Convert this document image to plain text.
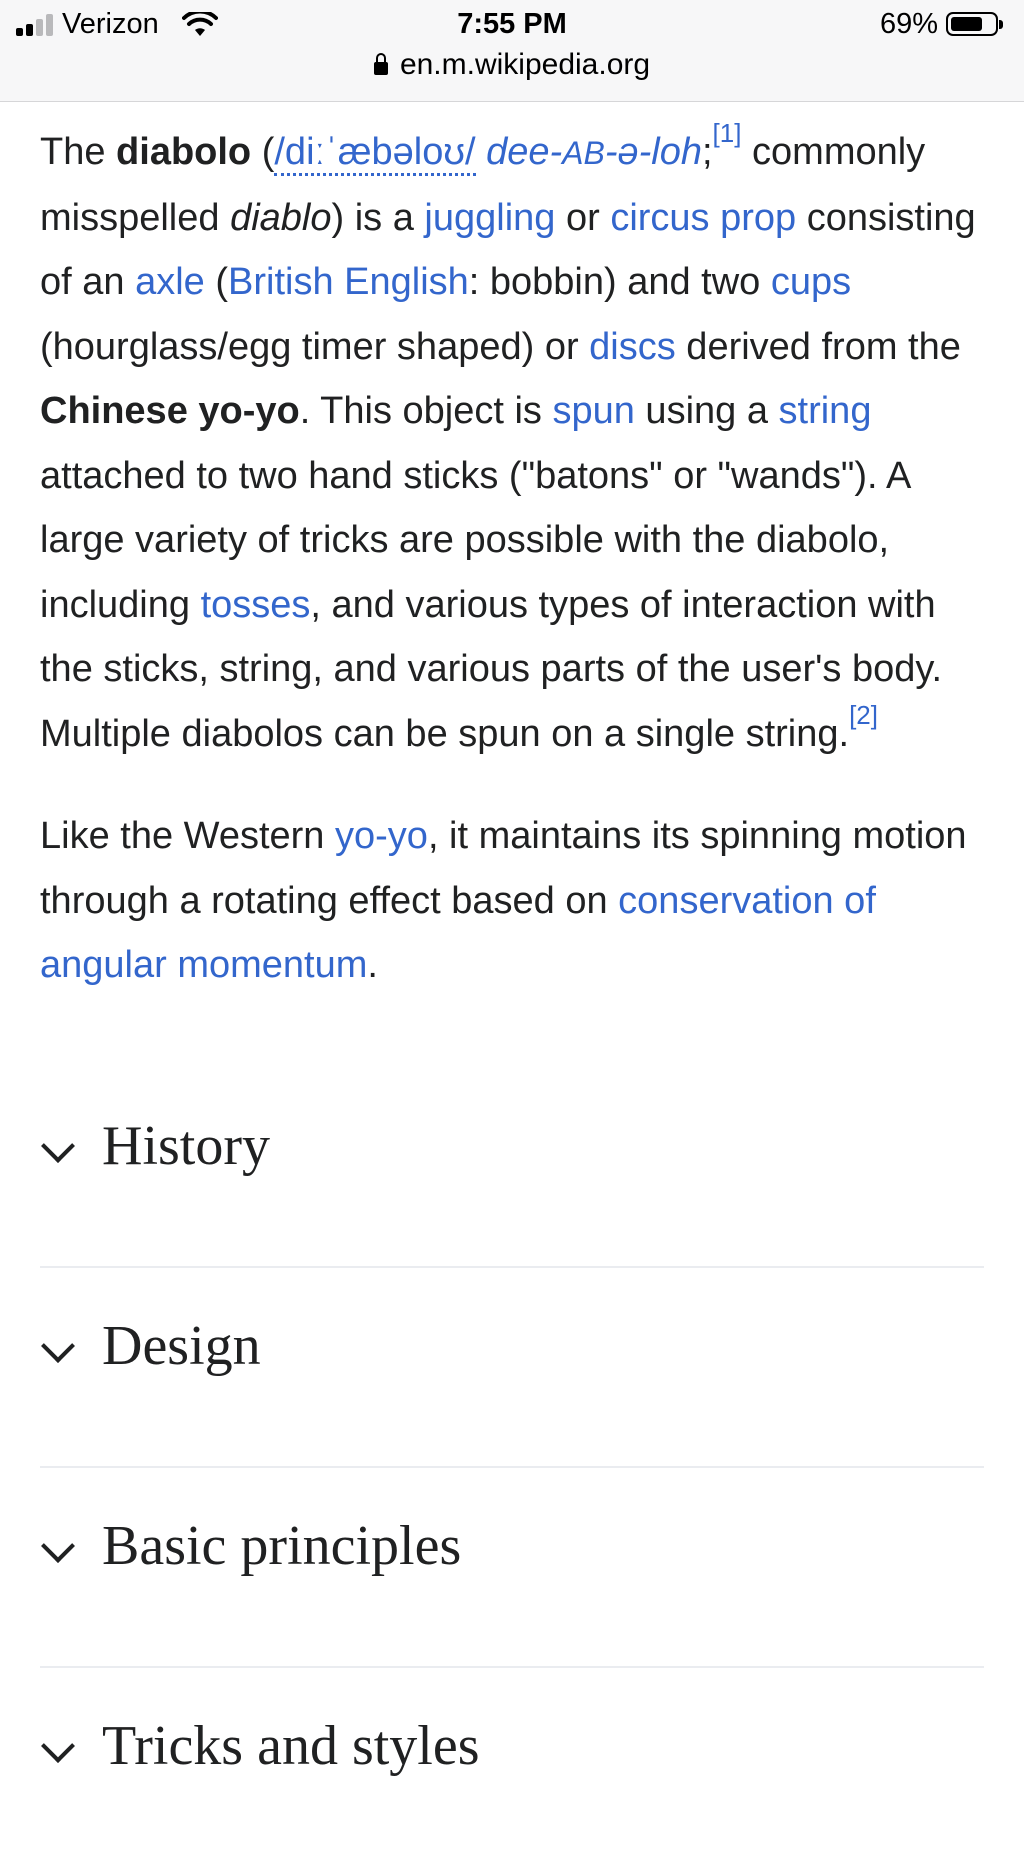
Verizon	7:55 PM	69%
en.m.wikipedia.org

The diabolo (/diːˈæbəloʊ/ dee-AB-ə-loh;[1] commonly misspelled diablo) is a juggling or circus prop consisting of an axle (British English: bobbin) and two cups (hourglass/egg timer shaped) or discs derived from the Chinese yo-yo. This object is spun using a string attached to two hand sticks ("batons" or "wands"). A large variety of tricks are possible with the diabolo, including tosses, and various types of interaction with the sticks, string, and various parts of the user's body. Multiple diabolos can be spun on a single string.[2]

Like the Western yo-yo, it maintains its spinning motion through a rotating effect based on conservation of angular momentum.

History
Design
Basic principles
Tricks and styles
